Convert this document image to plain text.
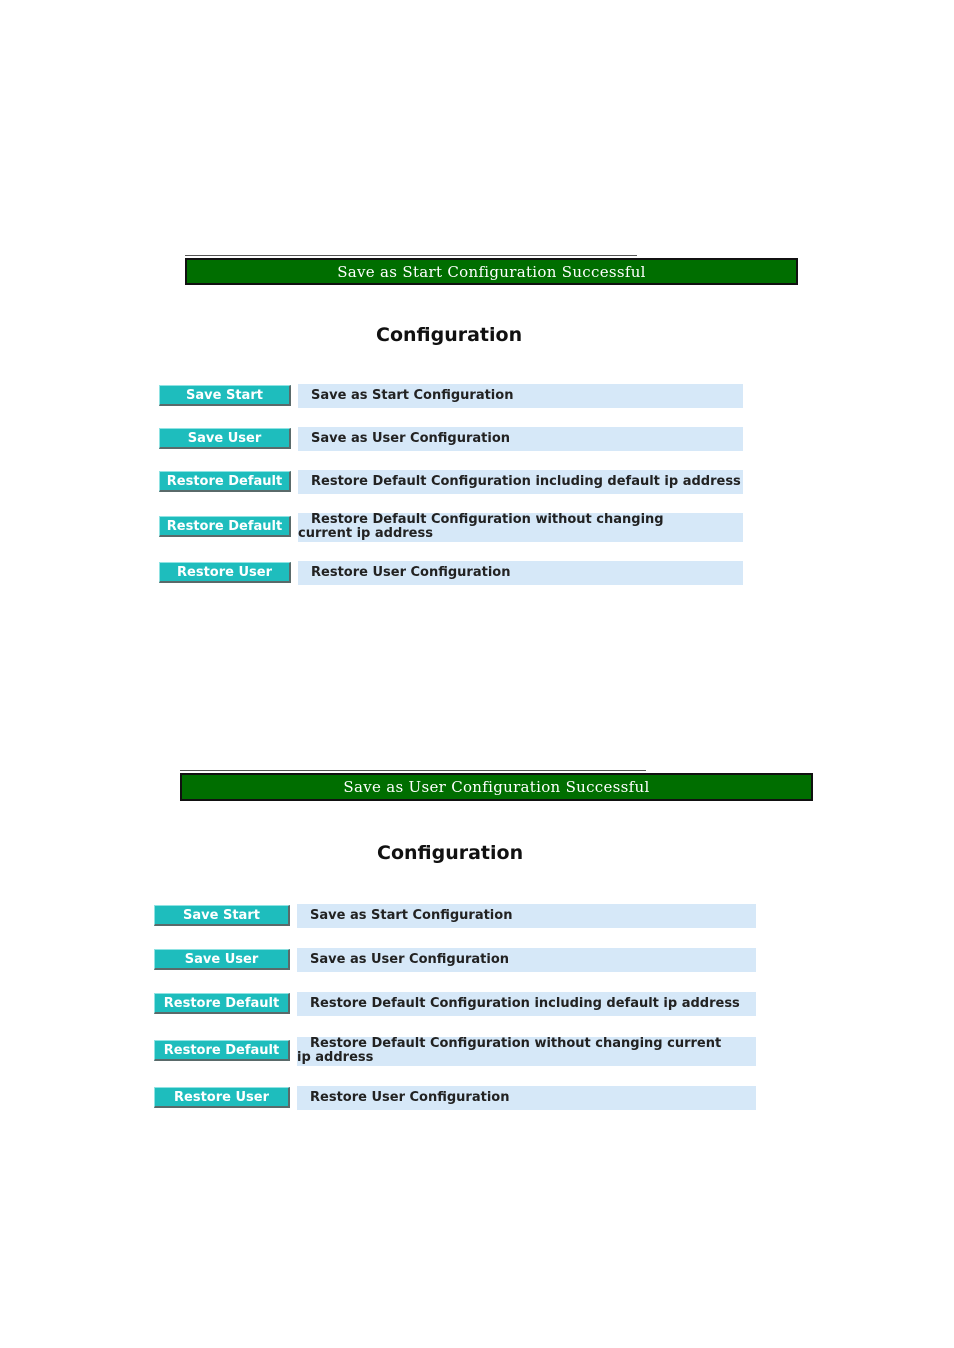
Save as Start Configuration Successful
Configuration
Save Start	Save as Start Configuration
Save User	Save as User Configuration
Restore Default	Restore Default Configuration including default ip address
Restore Default	Restore Default Configuration without changing current ip address
Restore User	Restore User Configuration
Save as User Configuration Successful
Configuration
Save Start	Save as Start Configuration
Save User	Save as User Configuration
Restore Default	Restore Default Configuration including default ip address
Restore Default	Restore Default Configuration without changing current ip address
Restore User	Restore User Configuration
